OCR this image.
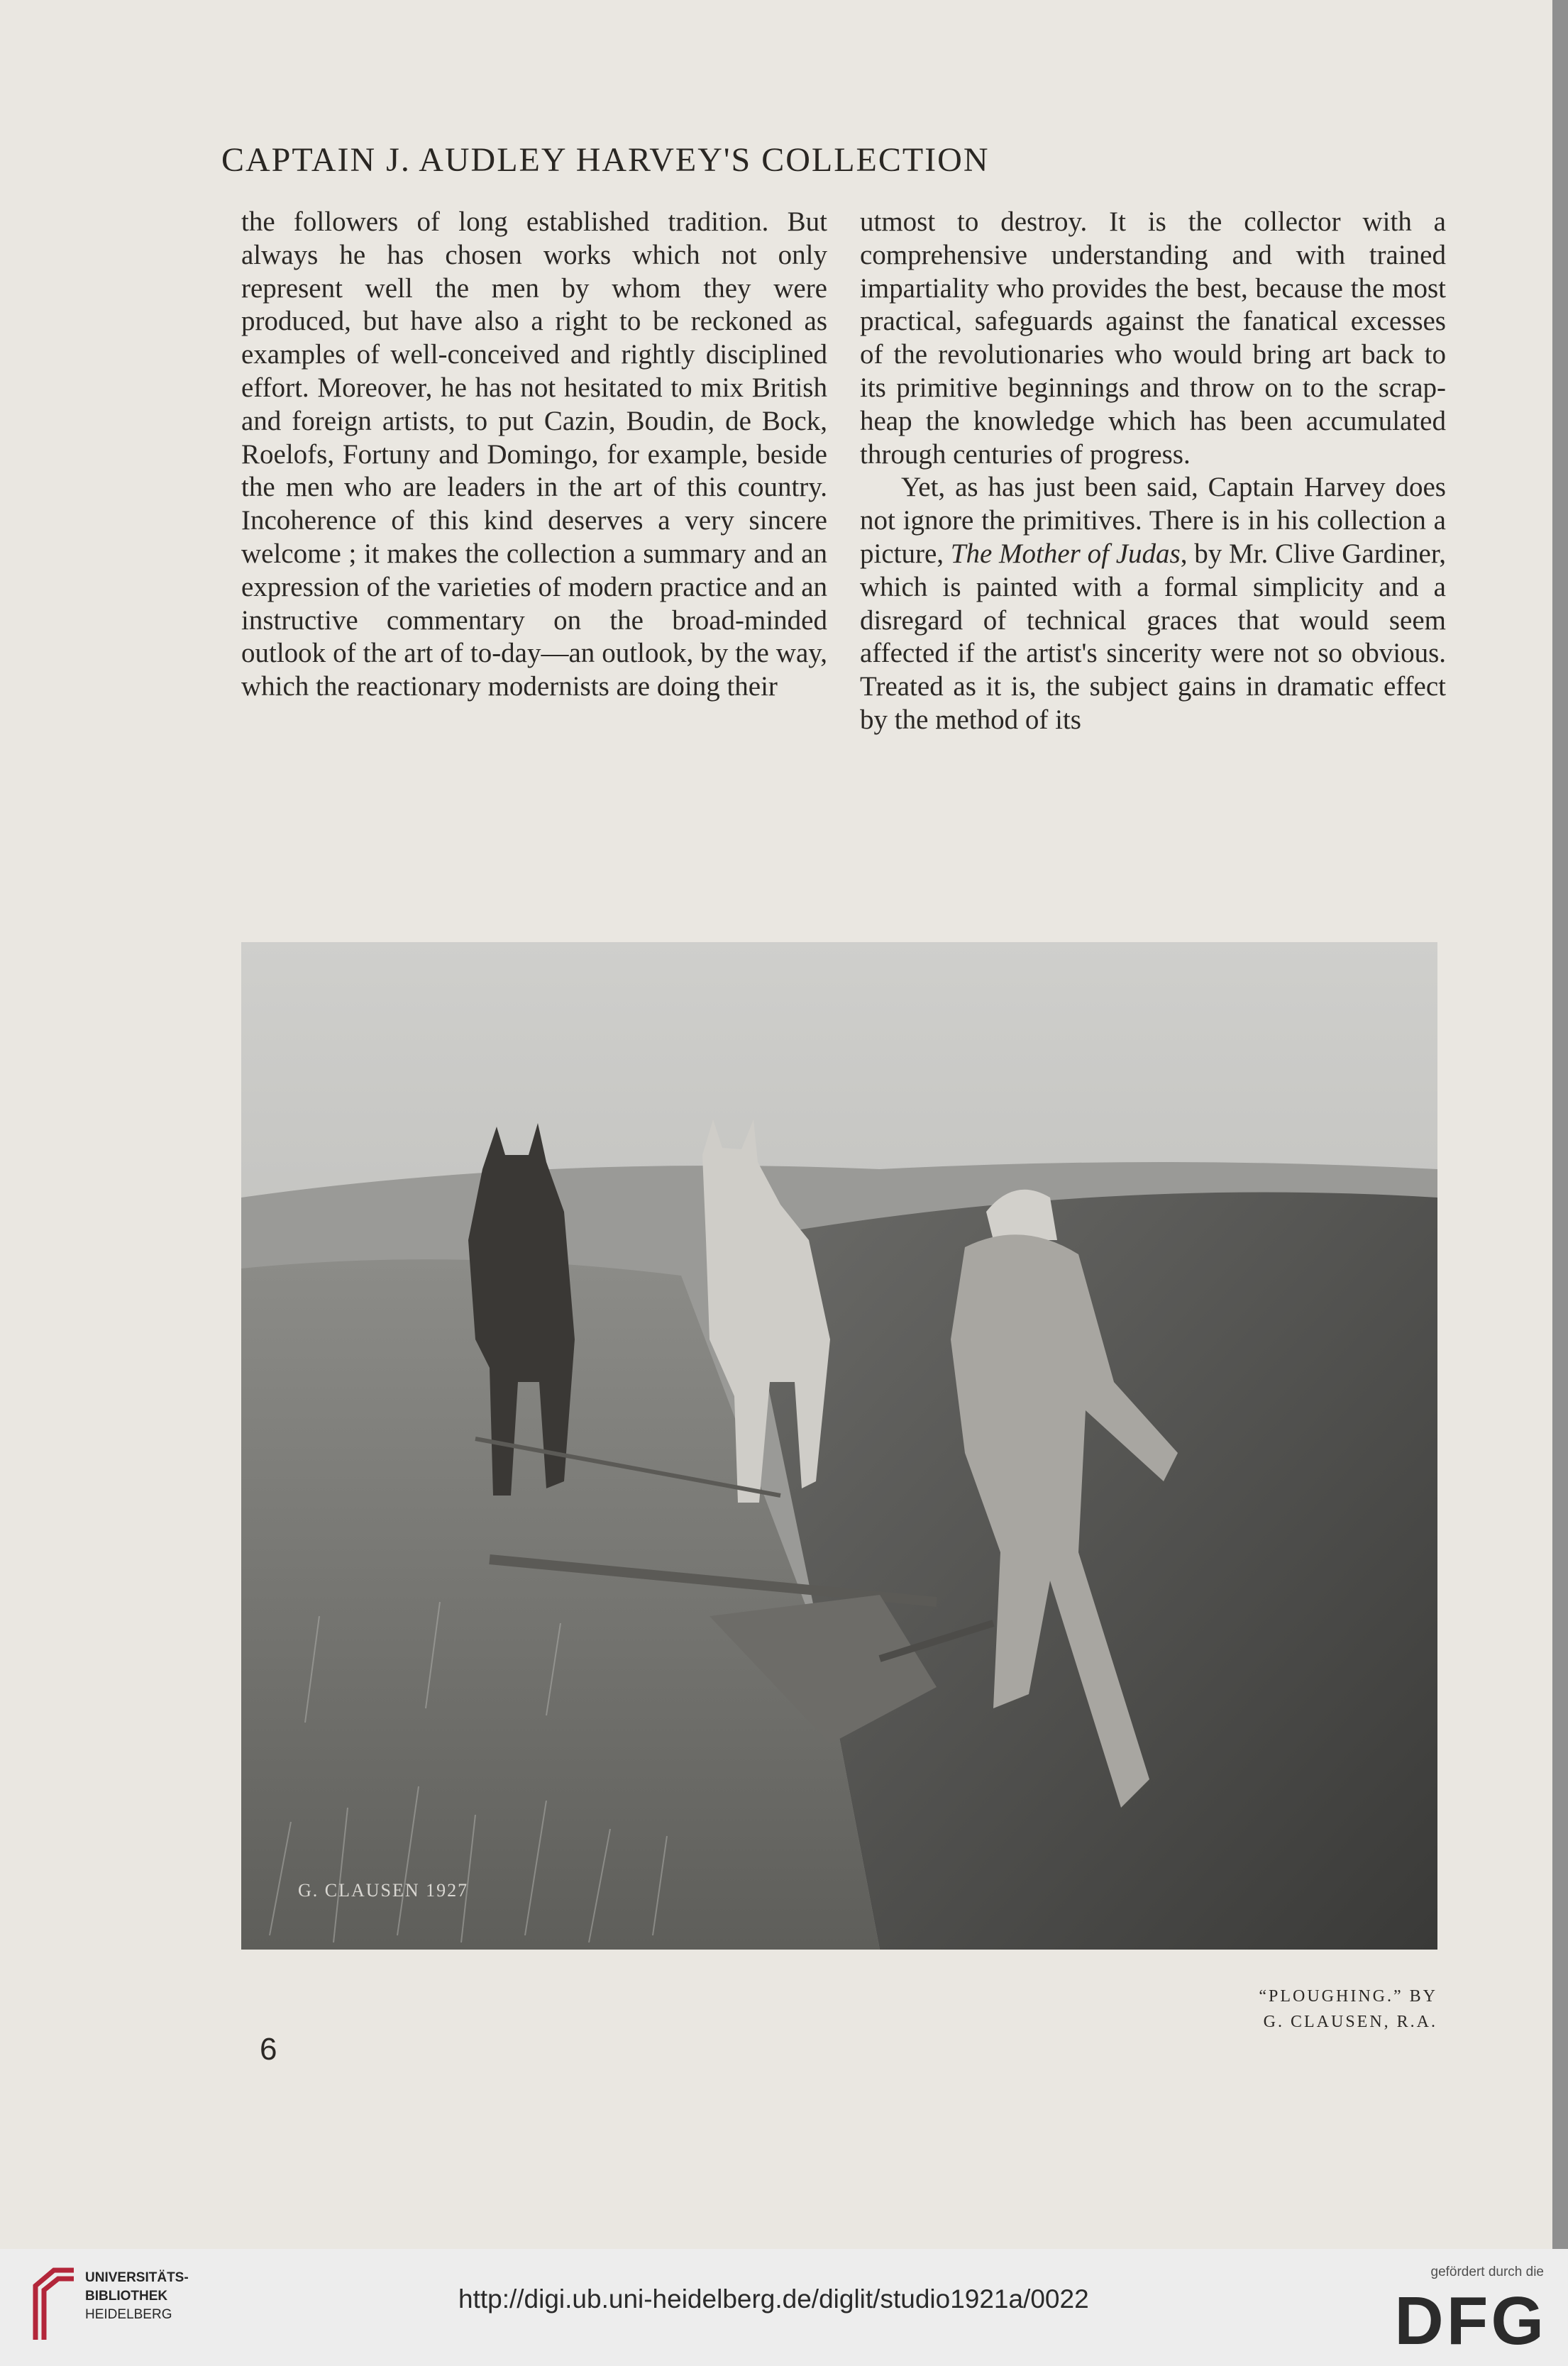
CAPTAIN J. AUDLEY HARVEY'S COLLECTION

the followers of long established tradition. But always he has chosen works which not only represent well the men by whom they were produced, but have also a right to be reckoned as examples of well-conceived and rightly disciplined effort. Moreover, he has not hesitated to mix British and foreign artists, to put Cazin, Boudin, de Bock, Roelofs, Fortuny and Domingo, for example, beside the men who are leaders in the art of this country. Incoherence of this kind deserves a very sincere welcome ; it makes the collection a summary and an expression of the varieties of modern practice and an instructive commentary on the broad-minded outlook of the art of to-day—an outlook, by the way, which the reactionary modernists are doing their

utmost to destroy. It is the collector with a comprehensive understanding and with trained impartiality who provides the best, because the most practical, safeguards against the fanatical excesses of the revolutionaries who would bring art back to its primitive beginnings and throw on to the scrap-heap the knowledge which has been accumulated through centuries of progress.

Yet, as has just been said, Captain Harvey does not ignore the primitives. There is in his collection a picture, The Mother of Judas, by Mr. Clive Gardiner, which is painted with a formal simplicity and a disregard of technical graces that would seem affected if the artist's sincerity were not so obvious. Treated as it is, the subject gains in dramatic effect by the method of its

G. CLAUSEN 1927
“PLOUGHING.” BY
G. CLAUSEN, R.A.
6
UNIVERSITÄTS-
BIBLIOTHEK
HEIDELBERG
http://digi.ub.uni-heidelberg.de/diglit/studio1921a/0022
gefördert durch die
DFG
